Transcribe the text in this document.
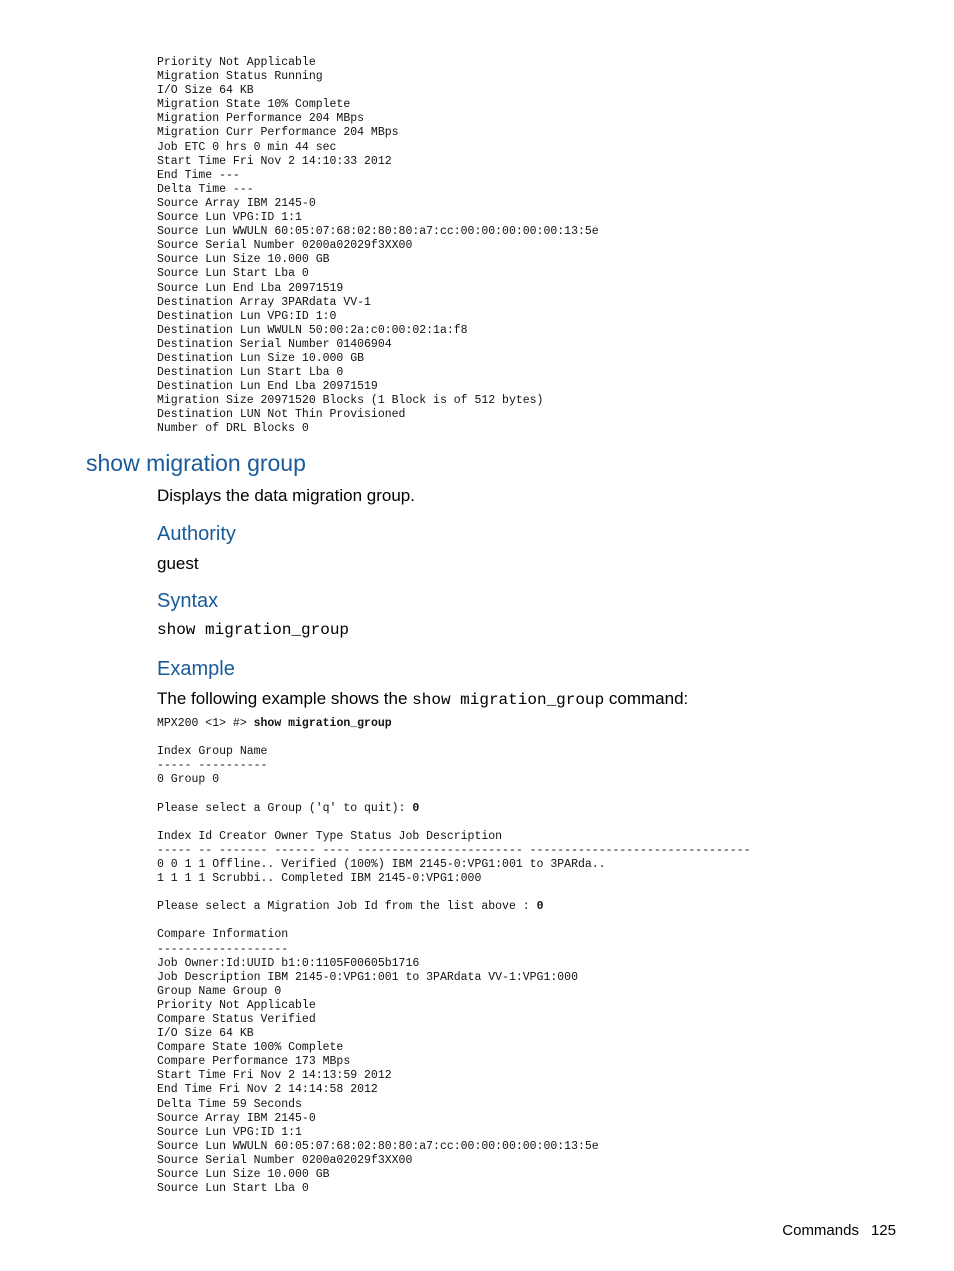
Priority Not Applicable
Migration Status Running
I/O Size 64 KB
Migration State 10% Complete
Migration Performance 204 MBps
Migration Curr Performance 204 MBps
Job ETC 0 hrs 0 min 44 sec
Start Time Fri Nov 2 14:10:33 2012
End Time ---
Delta Time ---
Source Array IBM 2145-0
Source Lun VPG:ID 1:1
Source Lun WWULN 60:05:07:68:02:80:80:a7:cc:00:00:00:00:00:13:5e
Source Serial Number 0200a02029f3XX00
Source Lun Size 10.000 GB
Source Lun Start Lba 0
Source Lun End Lba 20971519
Destination Array 3PARdata VV-1
Destination Lun VPG:ID 1:0
Destination Lun WWULN 50:00:2a:c0:00:02:1a:f8
Destination Serial Number 01406904
Destination Lun Size 10.000 GB
Destination Lun Start Lba 0
Destination Lun End Lba 20971519
Migration Size 20971520 Blocks (1 Block is of 512 bytes)
Destination LUN Not Thin Provisioned
Number of DRL Blocks 0
show migration group

Displays the data migration group.

Authority

guest

Syntax
show migration_group
Example

The following example shows the show migration_group command:

MPX200 <1> #> show migration_group

Index Group Name
----- ----------
0 Group 0

Please select a Group ('q' to quit): 0

Index Id Creator Owner Type Status Job Description
----- -- ------- ------ ---- ------------------------ --------------------------------
0 0 1 1 Offline.. Verified (100%) IBM 2145-0:VPG1:001 to 3PARda..
1 1 1 1 Scrubbi.. Completed IBM 2145-0:VPG1:000

Please select a Migration Job Id from the list above : 0

Compare Information
-------------------
Job Owner:Id:UUID b1:0:1105F00605b1716
Job Description IBM 2145-0:VPG1:001 to 3PARdata VV-1:VPG1:000
Group Name Group 0
Priority Not Applicable
Compare Status Verified
I/O Size 64 KB
Compare State 100% Complete
Compare Performance 173 MBps
Start Time Fri Nov 2 14:13:59 2012
End Time Fri Nov 2 14:14:58 2012
Delta Time 59 Seconds
Source Array IBM 2145-0
Source Lun VPG:ID 1:1
Source Lun WWULN 60:05:07:68:02:80:80:a7:cc:00:00:00:00:00:13:5e
Source Serial Number 0200a02029f3XX00
Source Lun Size 10.000 GB
Source Lun Start Lba 0
Commands 125
